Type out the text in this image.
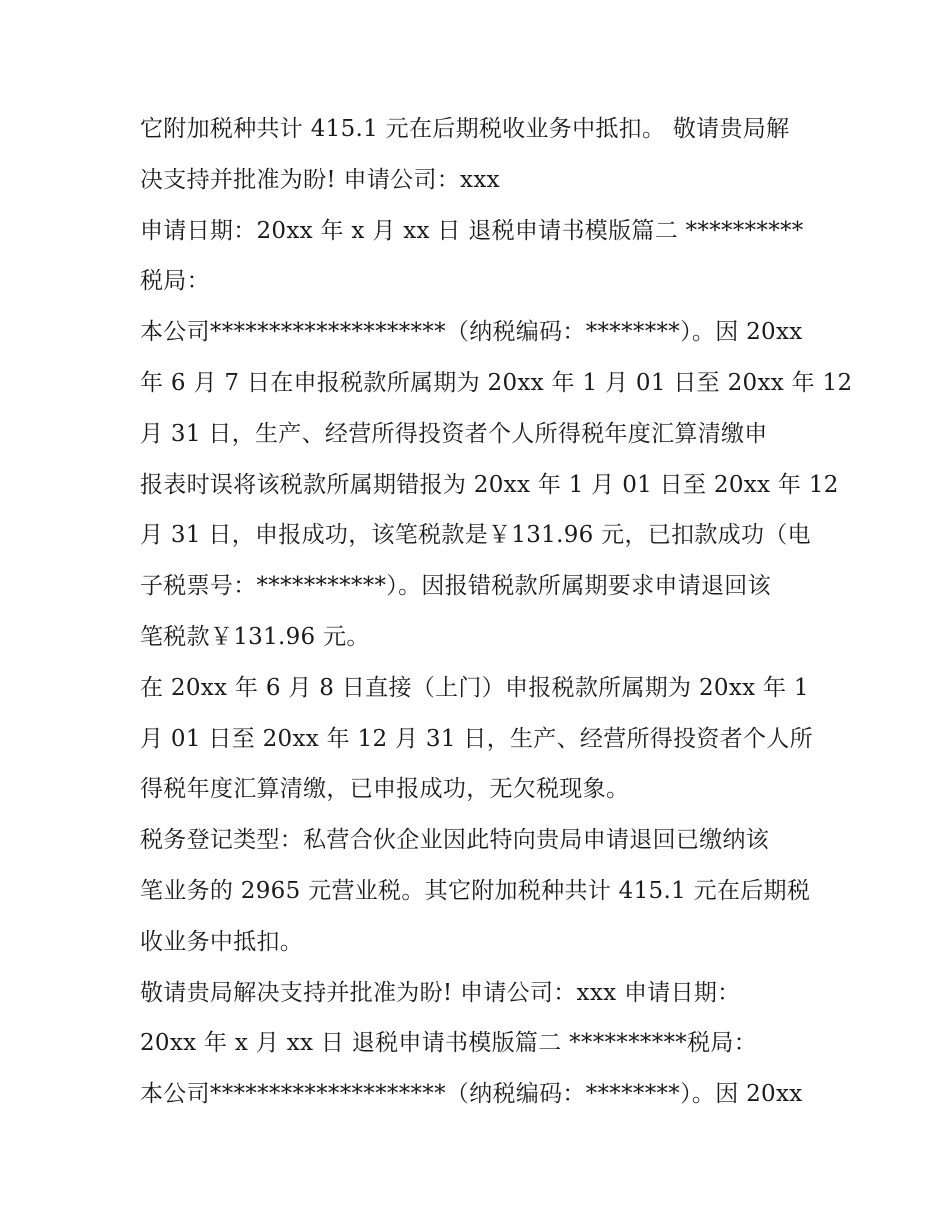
它附加税种共计 415.1 元在后期税收业务中抵扣。 敬请贵局解
决支持并批准为盼! 申请公司：xxx
申请日期：20xx 年 x 月 xx 日 退税申请书模版篇二 **********
税局：
本公司********************（纳税编码：********）。因 20xx
年 6 月 7 日在申报税款所属期为 20xx 年 1 月 01 日至 20xx 年 12
月 31 日，生产、经营所得投资者个人所得税年度汇算清缴申
报表时误将该税款所属期错报为 20xx 年 1 月 01 日至 20xx 年 12
月 31 日，申报成功，该笔税款是￥131.96 元，已扣款成功（电
子税票号：***********）。因报错税款所属期要求申请退回该
笔税款￥131.96 元。
在 20xx 年 6 月 8 日直接（上门）申报税款所属期为 20xx 年 1
月 01 日至 20xx 年 12 月 31 日，生产、经营所得投资者个人所
得税年度汇算清缴，已申报成功，无欠税现象。
税务登记类型：私营合伙企业因此特向贵局申请退回已缴纳该
笔业务的 2965 元营业税。其它附加税种共计 415.1 元在后期税
收业务中抵扣。
敬请贵局解决支持并批准为盼! 申请公司：xxx 申请日期：
20xx 年 x 月 xx 日 退税申请书模版篇二 **********税局：
本公司********************（纳税编码：********）。因 20xx
